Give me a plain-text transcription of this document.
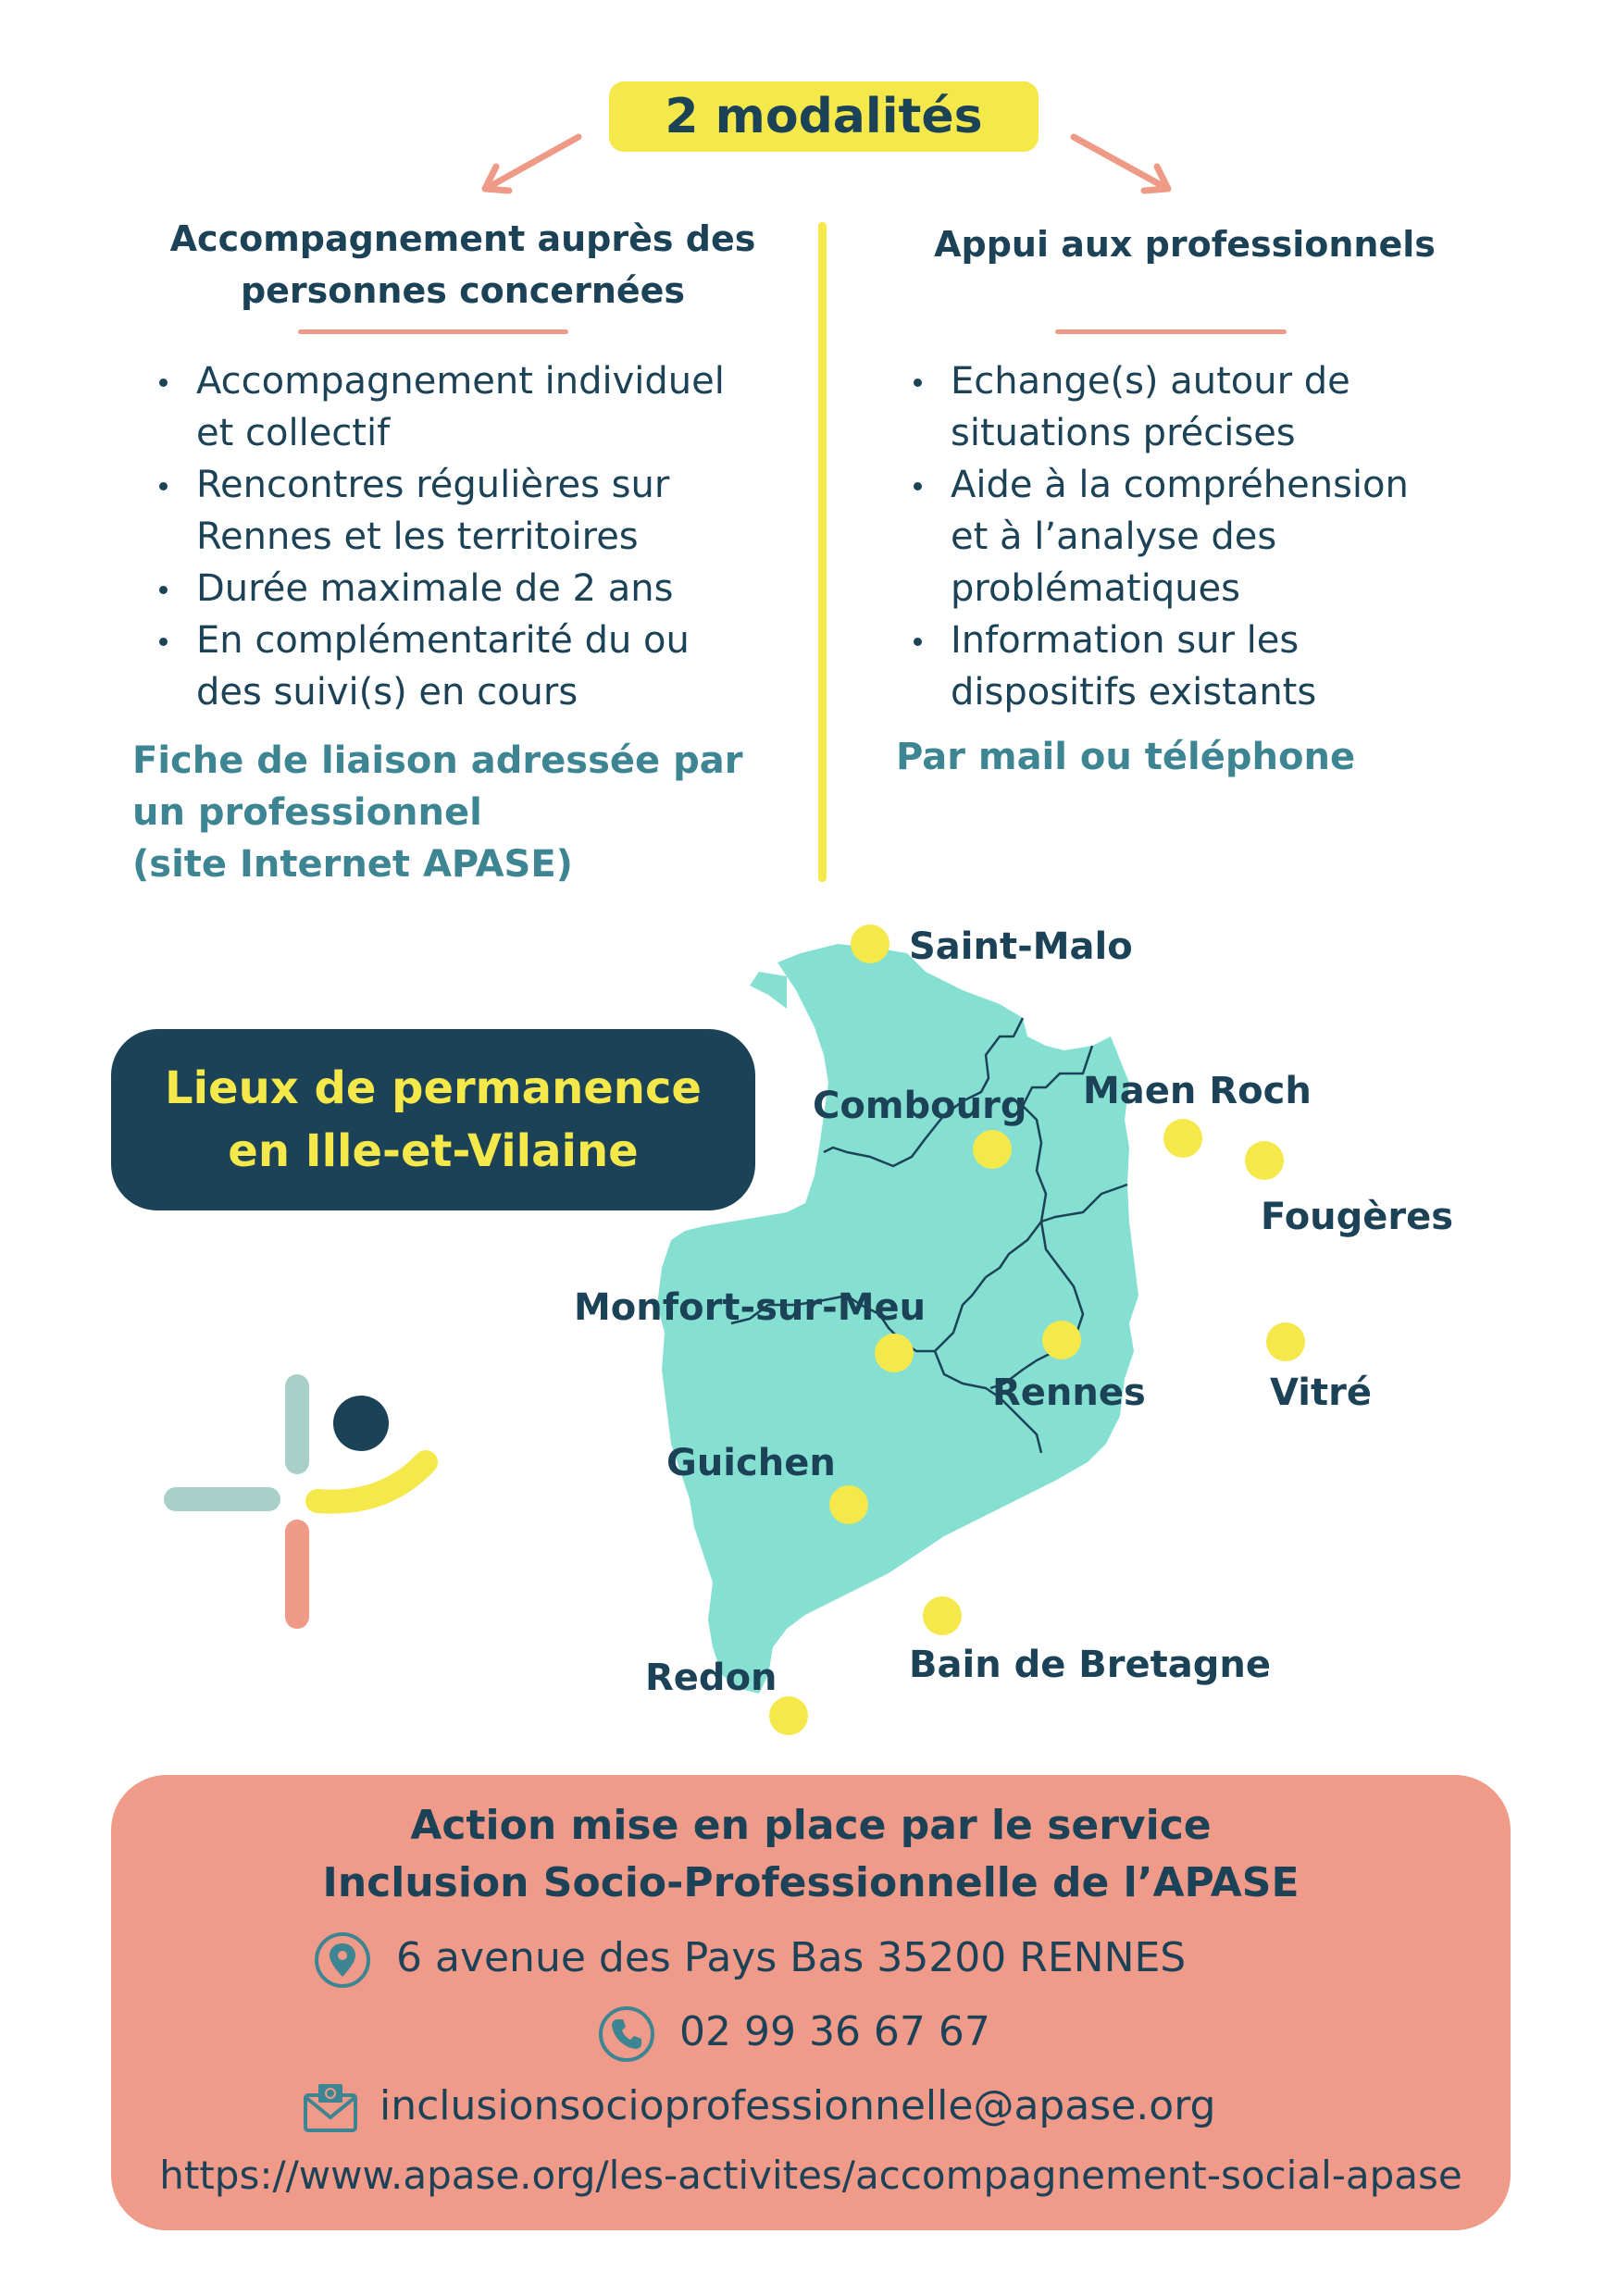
2 modalités
Accompagnement auprès des
personnes concernées
Accompagnement individuel
et collectif
Rencontres régulières sur
Rennes et les territoires
Durée maximale de 2 ans
En complémentarité du ou
des suivi(s) en cours
Fiche de liaison adressée par
un professionnel
(site Internet APASE)
Appui aux professionnels
Echange(s) autour de
situations précises
Aide à la compréhension
et à l’analyse des
problématiques
Information sur les
dispositifs existants
Par mail ou téléphone
Lieux de permanence
en Ille-et-Vilaine
Saint-Malo
Combourg Maen Roch
Fougères
Monfort-sur-Meu
Rennes	Vitré
Guichen
Redon	Bain de Bretagne
Action mise en place par le service
Inclusion Socio-Professionnelle de l’APASE
6 avenue des Pays Bas 35200 RENNES
02 99 36 67 67
inclusionsocioprofessionnelle@apase.org
https://www.apase.org/les-activites/accompagnement-social-apase
